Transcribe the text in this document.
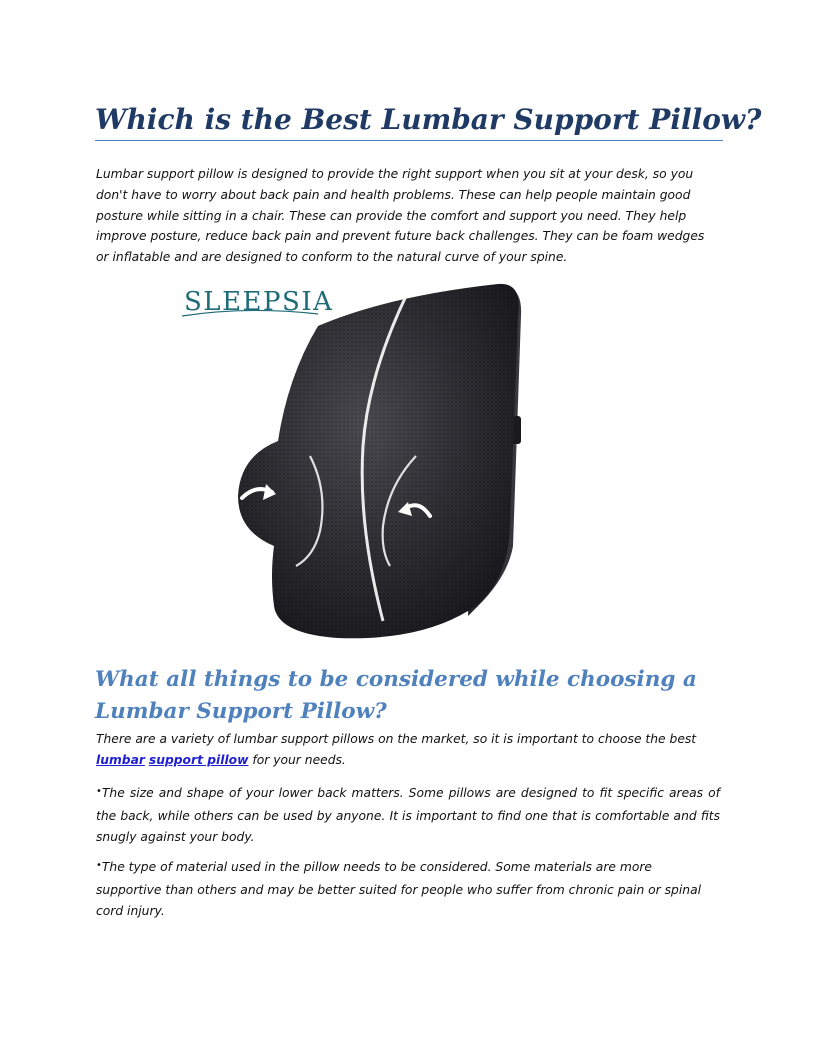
Which is the Best Lumbar Support Pillow?

Lumbar support pillow is designed to provide the right support when you sit at your desk, so you don't have to worry about back pain and health problems. These can help people maintain good posture while sitting in a chair. These can provide the comfort and support you need. They help improve posture, reduce back pain and prevent future back challenges. They can be foam wedges or inflatable and are designed to conform to the natural curve of your spine.

SLEEPSIA
What all things to be considered while choosing a Lumbar Support Pillow?

There are a variety of lumbar support pillows on the market, so it is important to choose the best
lumbar support pillow for your needs.

•The size and shape of your lower back matters. Some pillows are designed to fit specific areas of the back, while others can be used by anyone. It is important to find one that is comfortable and fits snugly against your body.

•The type of material used in the pillow needs to be considered. Some materials are more supportive than others and may be better suited for people who suffer from chronic pain or spinal cord injury.
